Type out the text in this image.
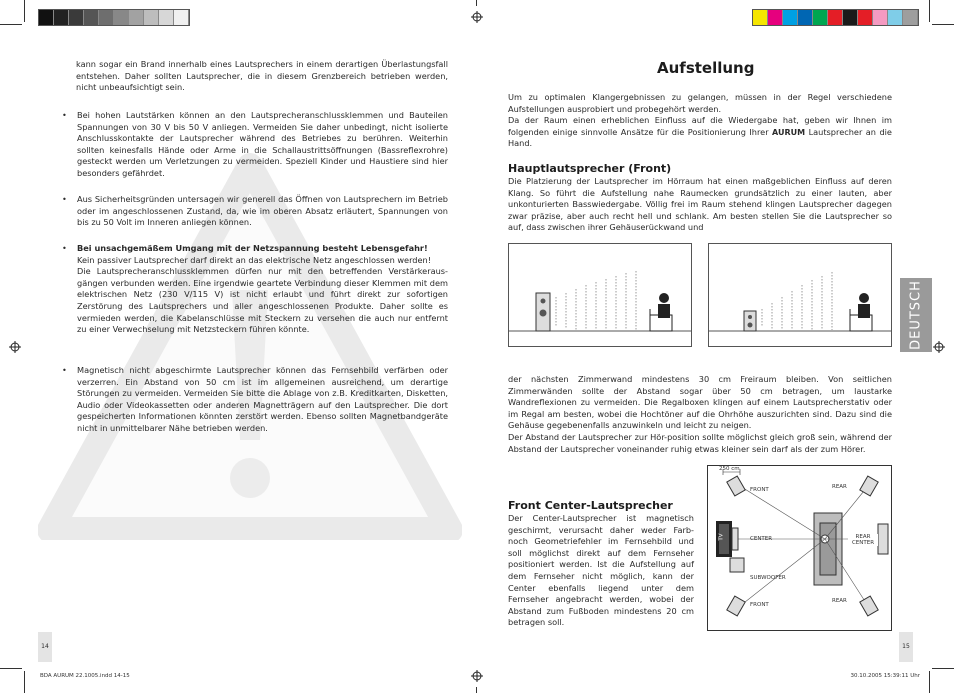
kann sogar ein Brand innerhalb eines Lautsprechers in einem derartigen Überlastungsfall entstehen. Daher sollten Lautsprecher, die in diesem Grenzbereich betrieben werden, nicht unbeaufsichtigt sein.

• Bei hohen Lautstärken können an den Lautsprecheranschlussklemmen und Bauteilen Spannungen von 30 V bis 50 V anliegen. Vermeiden Sie daher unbedingt, nicht isolierte Anschlusskontakte der Lautsprecher während des Betriebes zu berühren. Weiterhin sollten keinesfalls Hände oder Arme in die Schallaustrittsöffnungen (Bassreflexrohre) gesteckt werden um Verletzungen zu vermeiden. Speziell Kinder und Haustiere sind hier besonders gefährdet.
• Aus Sicherheitsgründen untersagen wir generell das Öffnen von Lautsprechern im Betrieb oder im angeschlossenen Zustand, da, wie im oberen Absatz erläutert, Spannungen von bis zu 50 Volt im Inneren anliegen können.
• Bei unsachgemäßem Umgang mit der Netzspannung besteht Lebensgefahr!
Kein passiver Lautsprecher darf direkt an das elektrische Netz angeschlossen werden!
Die Lautsprecheranschlussklemmen dürfen nur mit den betreffenden Verstärkeraus-gängen verbunden werden. Eine irgendwie geartete Verbindung dieser Klemmen mit dem elektrischen Netz (230 V/115 V) ist nicht erlaubt und führt direkt zur sofortigen Zerstörung des Lautsprechers und aller angeschlossenen Produkte. Daher sollte es vermieden werden, die Kabelanschlüsse mit Steckern zu versehen die auch nur entfernt zu einer Verwechselung mit Netzsteckern führen könnte.
• Magnetisch nicht abgeschirmte Lautsprecher können das Fernsehbild verfärben oder verzerren. Ein Abstand von 50 cm ist im allgemeinen ausreichend, um derartige Störungen zu vermeiden. Vermeiden Sie bitte die Ablage von z.B. Kreditkarten, Disketten, Audio oder Videokassetten oder anderen Magnetträgern auf den Lautsprecher. Die dort gespeicherten Informationen könnten zerstört werden. Ebenso sollten Magnetbandgeräte nicht in unmittelbarer Nähe betrieben werden.
14
Aufstellung

Um zu optimalen Klangergebnissen zu gelangen, müssen in der Regel verschiedene Aufstellungen ausprobiert und probegehört werden.

Da der Raum einen erheblichen Einfluss auf die Wiedergabe hat, geben wir Ihnen im folgenden einige sinnvolle Ansätze für die Positionierung Ihrer AURUM Lautsprecher an die Hand.

Hauptlautsprecher (Front)

Die Platzierung der Lautsprecher im Hörraum hat einen maßgeblichen Einfluss auf deren Klang. So führt die Aufstellung nahe Raumecken grundsätzlich zu einer lauten, aber unkonturierten Basswiedergabe. Völlig frei im Raum stehend klingen Lautsprecher dagegen zwar präzise, aber auch recht hell und schlank. Am besten stellen Sie die Lautsprecher so auf, dass zwischen ihrer Gehäuserückwand und

der nächsten Zimmerwand mindestens 30 cm Freiraum bleiben. Von seitlichen Zimmerwänden sollte der Abstand sogar über 50 cm betragen, um laustarke Wandreflexionen zu vermeiden. Die Regalboxen klingen auf einem Lautsprecherstativ oder im Regal am besten, wobei die Hochtöner auf die Ohrhöhe auszurichten sind. Dazu sind die Gehäuse gegebenenfalls anzuwinkeln und leicht zu neigen.

Der Abstand der Lautsprecher zur Hör-position sollte möglichst gleich groß sein, während der Abstand der Lautsprecher voneinander ruhig etwas kleiner sein darf als der zum Hörer.

Front Center-Lautsprecher

Der Center-Lautsprecher ist magnetisch geschirmt, verursacht daher weder Farb-noch Geometriefehler im Fernsehbild und soll möglichst direkt auf dem Fernseher positioniert werden. Ist die Aufstellung auf dem Fernseher nicht möglich, kann der Center ebenfalls liegend unter dem Fernseher angebracht werden, wobei der Abstand zum Fußboden mindestens 20 cm betragen soll.

250 cm
FRONT	REAR
TV	CENTER	REAR CENTER
SUBWOOFER
FRONT
REAR
DEUTSCH
15
BDA AURUM 22.1005.indd 14-15	30.10.2005 15:39:11 Uhr
